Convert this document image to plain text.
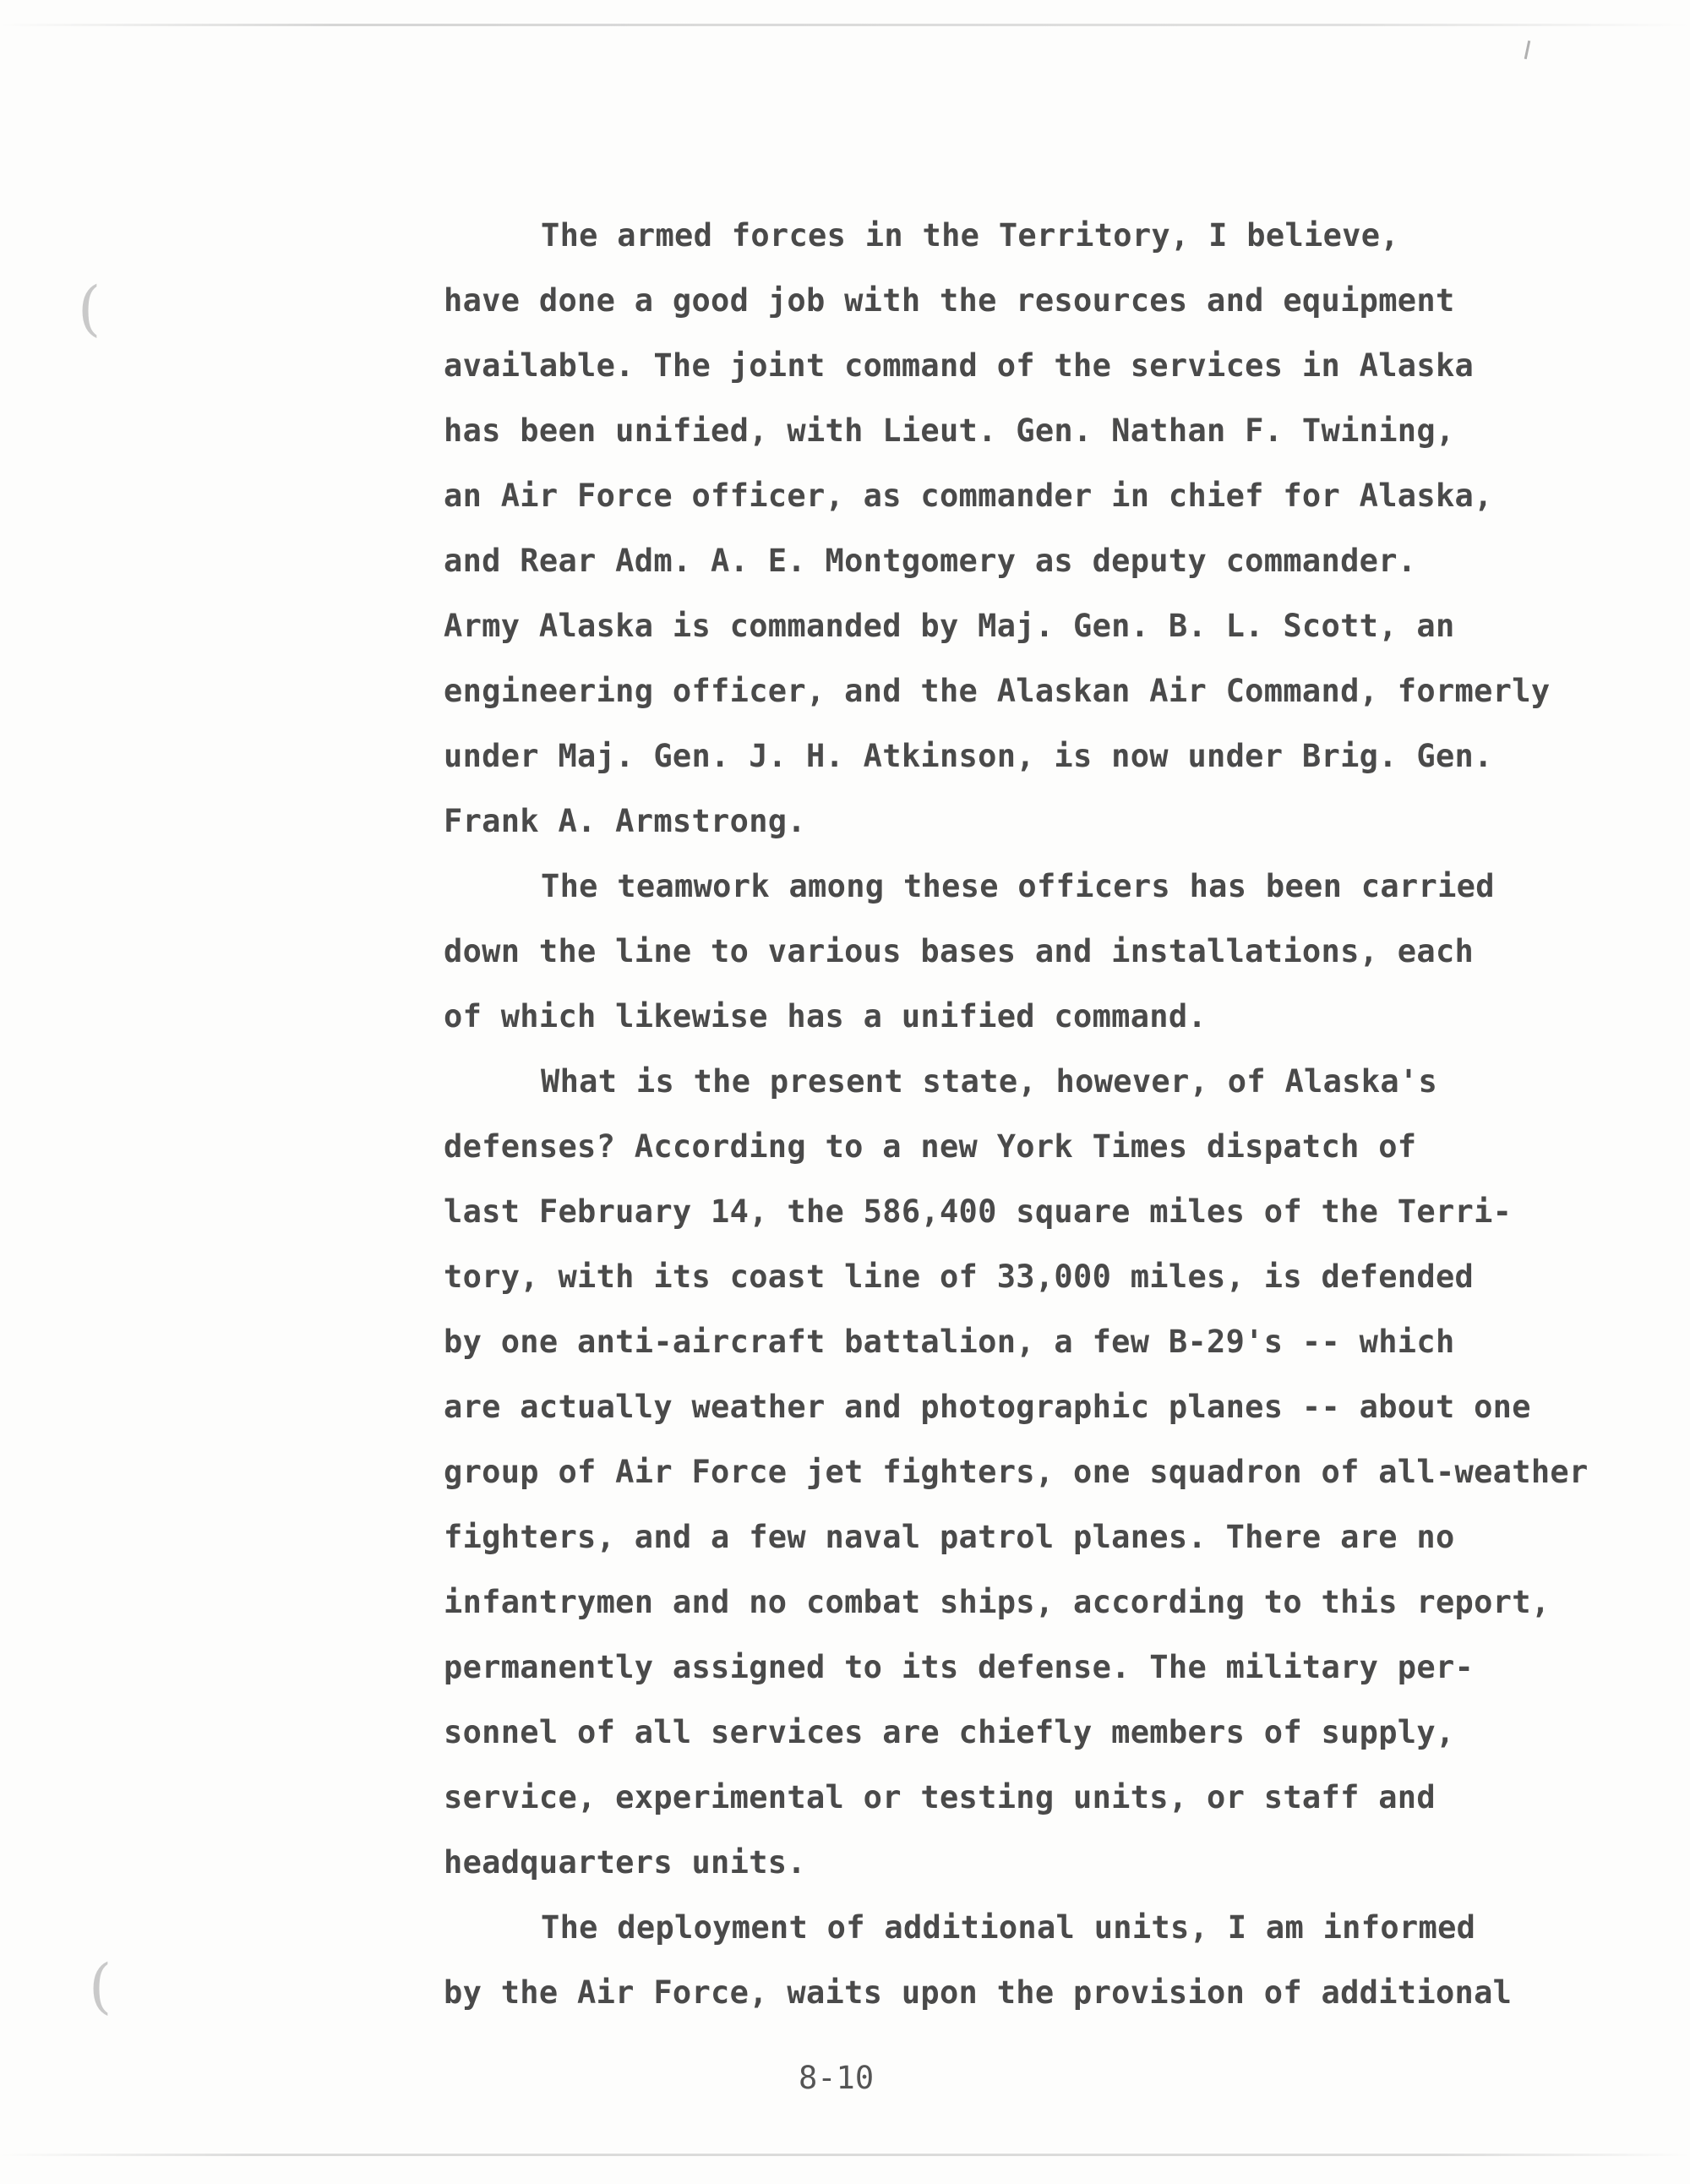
(
(
The armed forces in the Territory, I believe,
have done a good job with the resources and equipment
available. The joint command of the services in Alaska
has been unified, with Lieut. Gen. Nathan F. Twining,
an Air Force officer, as commander in chief for Alaska,
and Rear Adm. A. E. Montgomery as deputy commander.
Army Alaska is commanded by Maj. Gen. B. L. Scott, an
engineering officer, and the Alaskan Air Command, formerly
under Maj. Gen. J. H. Atkinson, is now under Brig. Gen.
Frank A. Armstrong.
The teamwork among these officers has been carried
down the line to various bases and installations, each
of which likewise has a unified command.
What is the present state, however, of Alaska's
defenses? According to a new York Times dispatch of
last February 14, the 586,400 square miles of the Terri-
tory, with its coast line of 33,000 miles, is defended
by one anti-aircraft battalion, a few B-29's -- which
are actually weather and photographic planes -- about one
group of Air Force jet fighters, one squadron of all-weather
fighters, and a few naval patrol planes. There are no
infantrymen and no combat ships, according to this report,
permanently assigned to its defense. The military per-
sonnel of all services are chiefly members of supply,
service, experimental or testing units, or staff and
headquarters units.
The deployment of additional units, I am informed
by the Air Force, waits upon the provision of additional
8-10
